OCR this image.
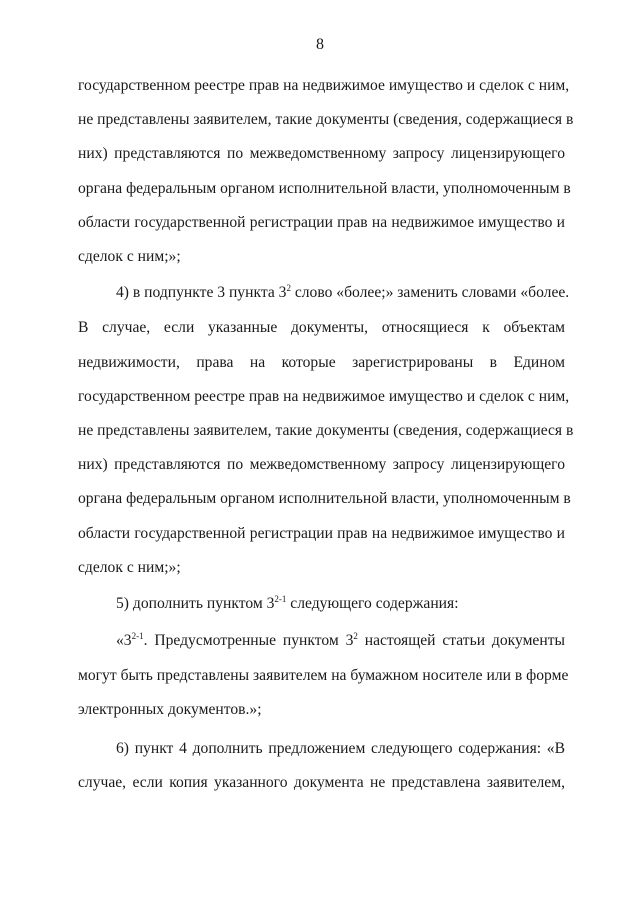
8
государственном реестре прав на недвижимое имущество и сделок с ним,
не представлены заявителем, такие документы (сведения, содержащиеся в
них) представляются по межведомственному запросу лицензирующего
органа федеральным органом исполнительной власти, уполномоченным в
области государственной регистрации прав на недвижимое имущество и
сделок с ним;»;
4) в подпункте 3 пункта $3^2$ слово «более;» заменить словами «более.
В случае, если указанные документы, относящиеся к объектам
недвижимости, права на которые зарегистрированы в Едином
государственном реестре прав на недвижимое имущество и сделок с ним,
не представлены заявителем, такие документы (сведения, содержащиеся в
них) представляются по межведомственному запросу лицензирующего
органа федеральным органом исполнительной власти, уполномоченным в
области государственной регистрации прав на недвижимое имущество и
сделок с ним;»;
5) дополнить пунктом 3$^{2-1}$ следующего содержания:
«3$^{2-1}$. Предусмотренные пунктом $3^2$ настоящей статьи документы
могут быть представлены заявителем на бумажном носителе или в форме
электронных документов.»;
6) пункт 4 дополнить предложением следующего содержания: «В
случае, если копия указанного документа не представлена заявителем,
